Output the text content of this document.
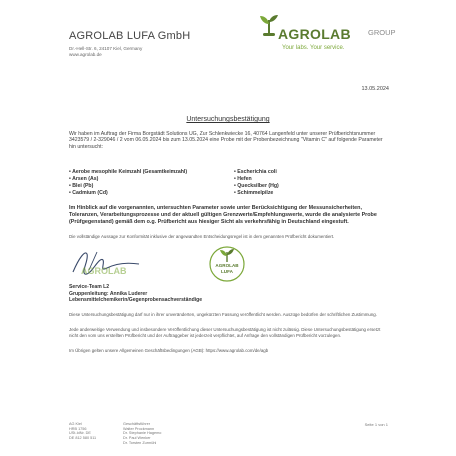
AGROLAB LUFA GmbH
Dr.-Hell-Str. 6, 24107 Kiel, Germany
www.agrolab.de
AGROLAB GROUP
Your labs. Your service.
13.05.2024
Untersuchungsbestätigung
Wir haben im Auftrag der Firma Borgstädt Solutions UG, Zur Schlenkwiecke 16, 40764 Langenfeld unter unserer Prüfberichtsnummer 3423579 / 2-329046 / 2 vom 06.05.2024 bis zum 13.05.2024 eine Probe mit der Probenbezeichnung "Vitamin C" auf folgende Parameter hin untersucht:
• Aerobe mesophile Keimzahl (Gesamtkeimzahl)
• Arsen (As)
• Blei (Pb)
• Cadmium (Cd)
• Escherichia coli
• Hefen
• Quecksilber (Hg)
• Schimmelpilze
Im Hinblick auf die vorgenannten, untersuchten Parameter sowie unter Berücksichtigung der Messunsicherheiten, Toleranzen, Verarbeitungsprozesse und der aktuell gültigen Grenzwerte/Empfehlungswerte, wurde die analysierte Probe (Prüfgegenstand) gemäß dem o.g. Prüfbericht aus hiesiger Sicht als verkehrsfähig in Deutschland eingestuft.
Die vollständige Aussage zur Konformität inklusive der angewandten Entscheidungsregel ist in dem genannten Prüfbericht dokumentiert.
AGROLAB
AGROLAB LUFA
Service-Team L2
Gruppenleitung: Annika Luderer
Lebensmittelchemikerin/Gegenprobensachverständige
Diese Untersuchungsbestätigung darf nur in ihrer unveränderten, ungekürzten Fassung veröffentlicht werden. Auszüge bedürfen der schriftlichen Zustimmung.
Jede anderweitige Verwendung und insbesondere Veröffentlichung dieser Untersuchungsbestätigung ist nicht zulässig. Diese Untersuchungsbestätigung ersetzt nicht den vom uns erstellten Prüfbericht und der Auftraggeber ist jederzeit verpflichtet, auf Anfrage den vollständigen Prüfbericht vorzulegen.
Im Übrigen gelten unsere Allgemeinen Geschäftsbedingungen (AGB): https://www.agrolab.com/de/agb
AG Kiel
HRB 1756
USt-IdNr. DE
DE 812 580 511
Geschäftsführer
Walter Prockmann
Dr. Stephanie Hagemo
Dr. Paul Wenker
Dr. Torsten Zurmühl
Seite 1 von 1
